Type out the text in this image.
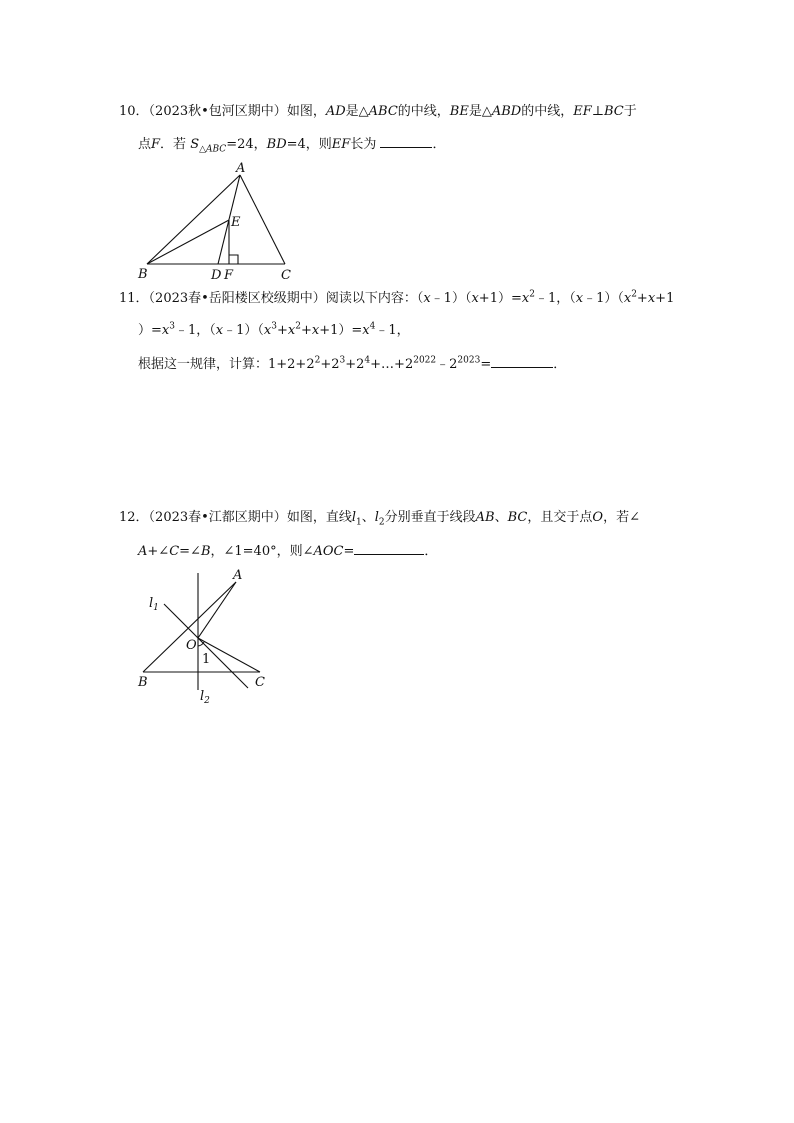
10．（2023秋•包河区期中）如图，AD是△ABC的中线，BE是△ABD的中线，EF⊥BC于
点F．若 $S_{\triangle ABC}=24$，BD=4，则EF长为	．
A
E
B	D F	C
11．（2023春•岳阳楼区校级期中）阅读以下内容：$(x﹣1)(x+1)=x^2﹣1$，$(x﹣1)(x^2+x+1$
）$=x^3﹣1$，$(x﹣1)(x^3+x^2+x+1)=x^4﹣1$，
根据这一规律，计算：$1+2+2^2+2^3+2^4+\dots+2^{2022}﹣2^{2023}=$	．
12．（2023春•江都区期中）如图，直线$l_1$、$l_2$分别垂直于线段AB、BC，且交于点O，若∠
A+∠C=∠B，∠1=40°，则∠AOC=	．
A
$l_1$
O
1
B	C
$l_2$
